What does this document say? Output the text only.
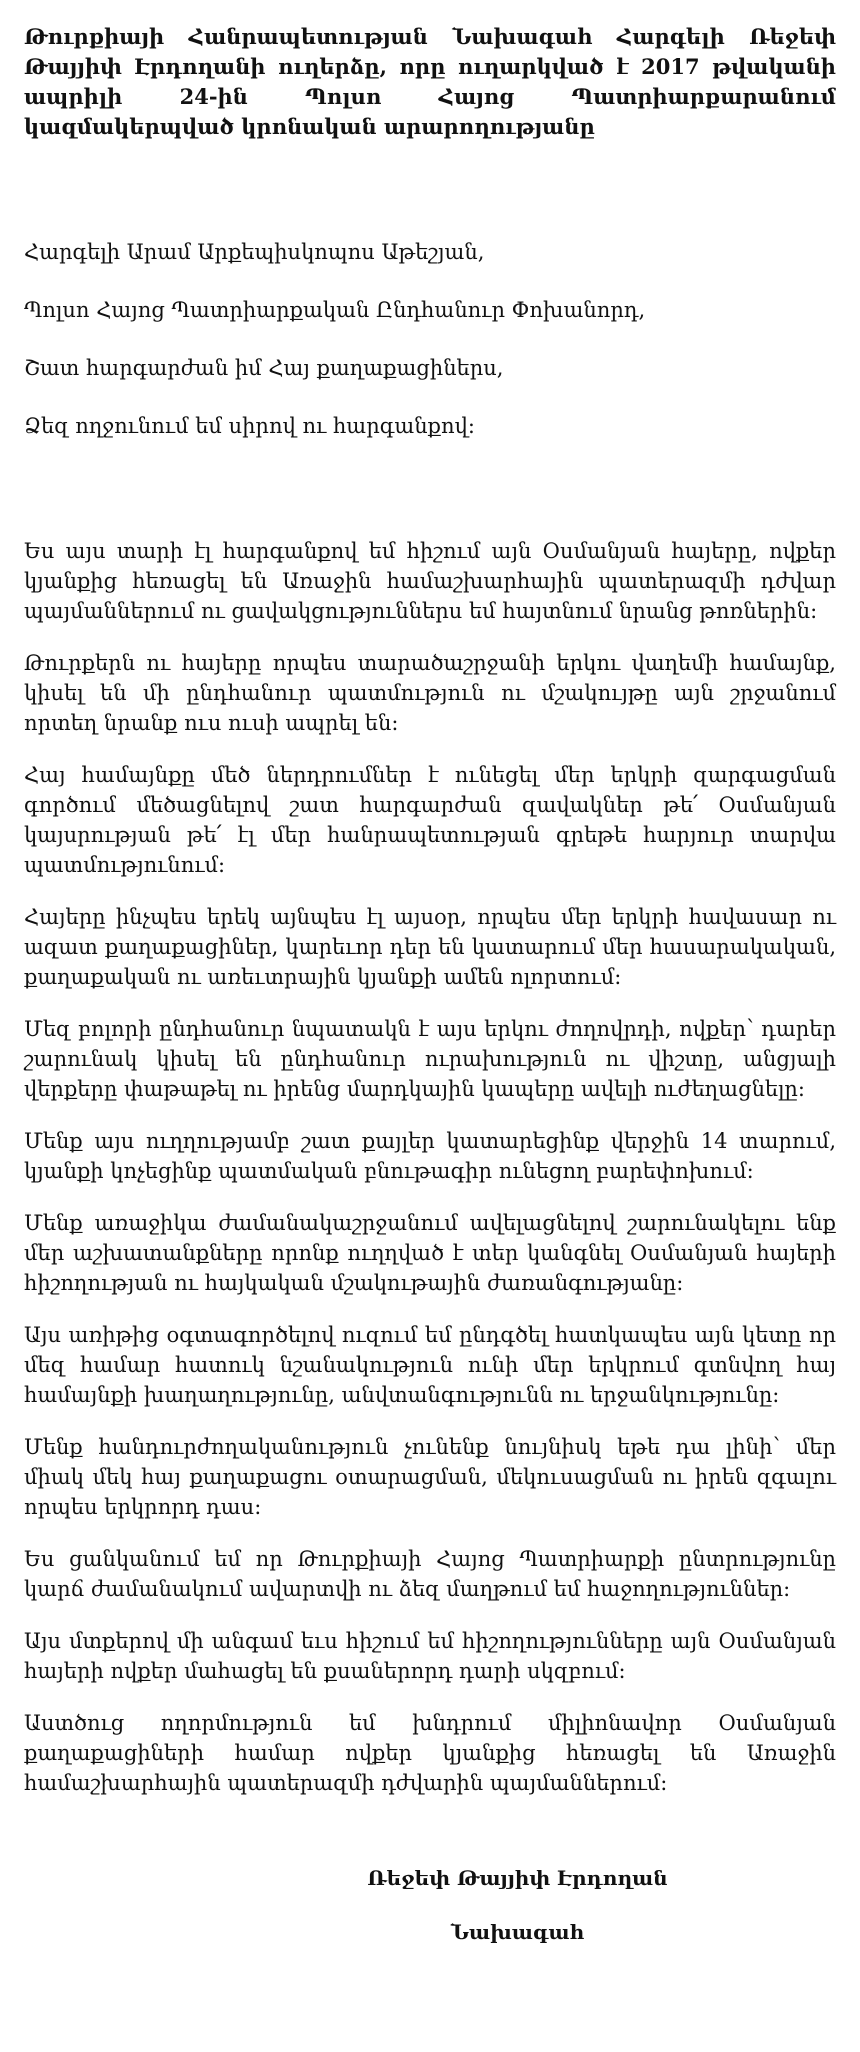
Թուրքիայի Հանրապետության Նախագահ Հարգելի Ռեջեփ Թայյիփ Էրդողանի ուղերձը, որը ուղարկված է 2017 թվականի ապրիլի 24-ին Պոլսո Հայոց Պատրիարքարանում կազմակերպված կրոնական արարողությանը

Հարգելի Արամ Արքեպիսկոպոս Աթեշյան,

Պոլսո Հայոց Պատրիարքական Ընդհանուր Փոխանորդ,

Շատ հարգարժան իմ Հայ քաղաքացիներս,

Ձեզ ողջունում եմ սիրով ու հարգանքով:

Ես այս տարի էլ հարգանքով եմ հիշում այն Օսմանյան հայերը, ովքեր կյանքից հեռացել են Առաջին համաշխարհային պատերազմի դժվար պայմաններում ու ցավակցություններս եմ հայտնում նրանց թոռներին:

Թուրքերն ու հայերը որպես տարածաշրջանի երկու վաղեմի համայնք, կիսել են մի ընդհանուր պատմություն ու մշակույթը այն շրջանում որտեղ նրանք ուս ուսի ապրել են:

Հայ համայնքը մեծ ներդրումներ է ունեցել մեր երկրի զարգացման գործում մեծացնելով շատ հարգարժան զավակներ թե՛ Օսմանյան կայսրության թե՛ էլ մեր հանրապետության գրեթե հարյուր տարվա պատմությունում:

Հայերը ինչպես երեկ այնպես էլ այսօր, որպես մեր երկրի հավասար ու ազատ քաղաքացիներ, կարեւոր դեր են կատարում մեր հասարակական, քաղաքական ու առեւտրային կյանքի ամեն ոլորտում:

Մեզ բոլորի ընդհանուր նպատակն է այս երկու ժողովրդի, ովքեր՝ դարեր շարունակ կիսել են ընդհանուր ուրախություն ու վիշտը, անցյալի վերքերը փաթաթել ու իրենց մարդկային կապերը ավելի ուժեղացնելը:

Մենք այս ուղղությամբ շատ քայլեր կատարեցինք վերջին 14 տարում, կյանքի կոչեցինք պատմական բնութագիր ունեցող բարեփոխում:

Մենք առաջիկա ժամանակաշրջանում ավելացնելով շարունակելու ենք մեր աշխատանքները որոնք ուղղված է տեր կանգնել Օսմանյան հայերի հիշողության ու հայկական մշակութային ժառանգությանը:

Այս առիթից օգտագործելով ուզում եմ ընդգծել հատկապես այն կետը որ մեզ համար հատուկ նշանակություն ունի մեր երկրում գտնվող հայ համայնքի խաղաղությունը, անվտանգությունն ու երջանկությունը:

Մենք հանդուրժողականություն չունենք նույնիսկ եթե դա լինի՝ մեր միակ մեկ հայ քաղաքացու օտարացման, մեկուսացման ու իրեն զգալու որպես երկրորդ դաս:

Ես ցանկանում եմ որ Թուրքիայի Հայոց Պատրիարքի ընտրությունը կարճ ժամանակում ավարտվի ու ձեզ մաղթում եմ հաջողություններ:

Այս մտքերով մի անգամ եւս հիշում եմ հիշողությունները այն Օսմանյան հայերի ովքեր մահացել են քսաներորդ դարի սկզբում:

Աստծուց ողորմություն եմ խնդրում միլիոնավոր Օսմանյան քաղաքացիների համար ովքեր կյանքից հեռացել են Առաջին համաշխարհային պատերազմի դժվարին պայմաններում:

Ռեջեփ Թայյիփ Էրդողան
Նախագահ
